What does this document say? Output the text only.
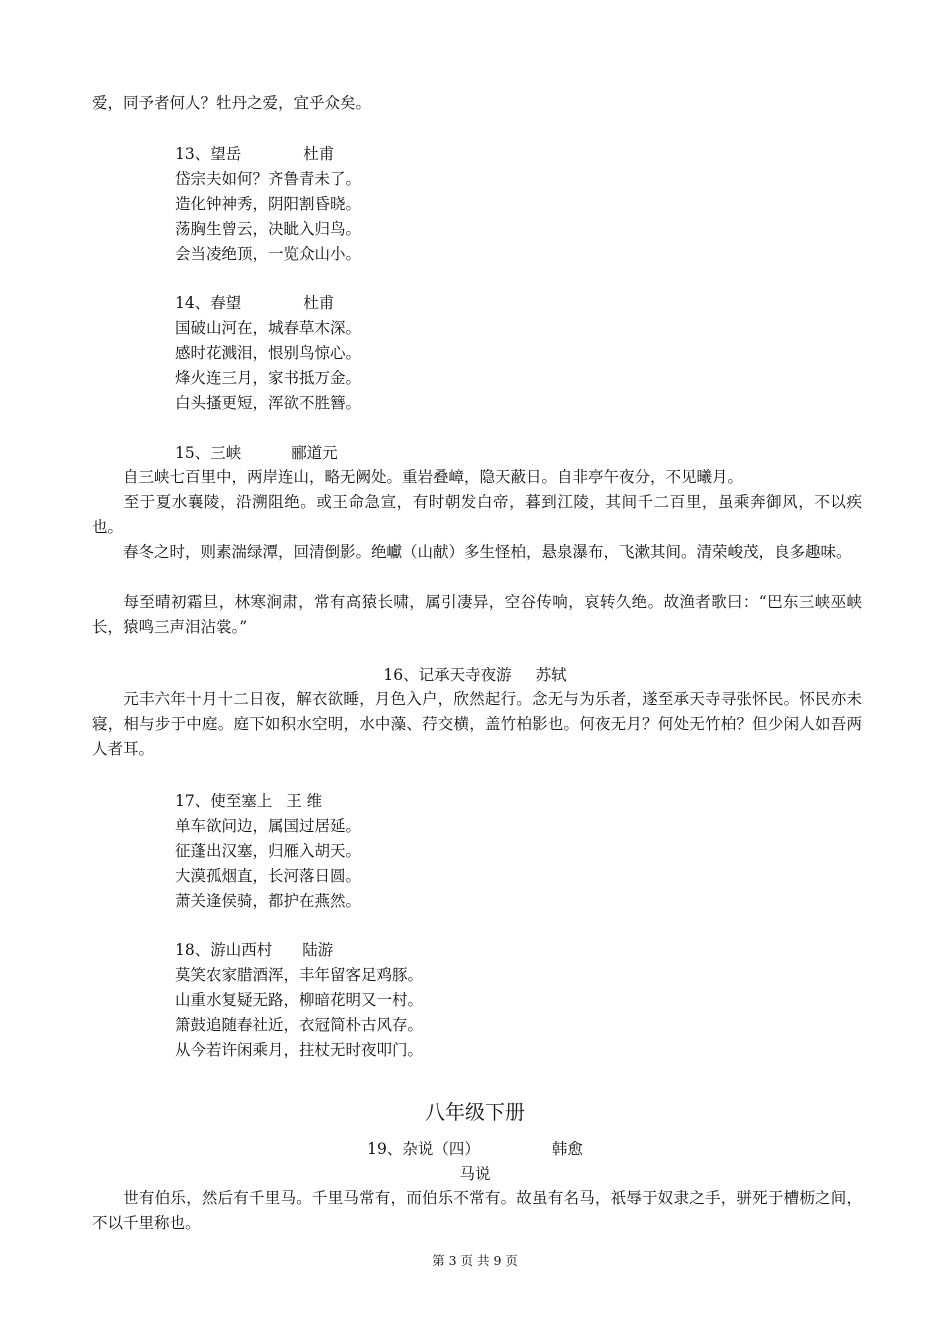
爱，同予者何人？牡丹之爱，宜乎众矣。
13、望岳	杜甫
岱宗夫如何？齐鲁青未了。
造化钟神秀，阴阳割昏晓。
荡胸生曾云，决眦入归鸟。
会当凌绝顶，一览众山小。
14、春望	杜甫
国破山河在，城春草木深。
感时花溅泪，恨别鸟惊心。
烽火连三月，家书抵万金。
白头搔更短，浑欲不胜簪。
15、三峡	郦道元
自三峡七百里中，两岸连山，略无阙处。重岩叠嶂，隐天蔽日。自非亭午夜分，不见曦月。
至于夏水襄陵，沿溯阻绝。或王命急宣，有时朝发白帝，暮到江陵，其间千二百里，虽乘奔御风，不以疾也。
春冬之时，则素湍绿潭，回清倒影。绝巘（山献）多生怪柏，悬泉瀑布，飞漱其间。清荣峻茂，良多趣味。
每至晴初霜旦，林寒涧肃，常有高猿长啸，属引凄异，空谷传响，哀转久绝。故渔者歌曰：“巴东三峡巫峡长，猿鸣三声泪沾裳。”
16、记承天寺夜游 苏轼
元丰六年十月十二日夜，解衣欲睡，月色入户，欣然起行。念无与为乐者，遂至承天寺寻张怀民。怀民亦未寝，相与步于中庭。庭下如积水空明，水中藻、荇交横，盖竹柏影也。何夜无月？何处无竹柏？但少闲人如吾两人者耳。
17、使至塞上 王 维
单车欲问边，属国过居延。
征蓬出汉塞，归雁入胡天。
大漠孤烟直，长河落日圆。
萧关逢侯骑，都护在燕然。
18、游山西村 陆游
莫笑农家腊酒浑，丰年留客足鸡豚。
山重水复疑无路，柳暗花明又一村。
箫鼓追随春社近，衣冠简朴古风存。
从今若许闲乘月，拄杖无时夜叩门。
八年级下册
19、杂说（四）	韩愈
马说
世有伯乐，然后有千里马。千里马常有，而伯乐不常有。故虽有名马，祇辱于奴隶之手，骈死于槽枥之间，不以千里称也。
第 3 页 共 9 页
